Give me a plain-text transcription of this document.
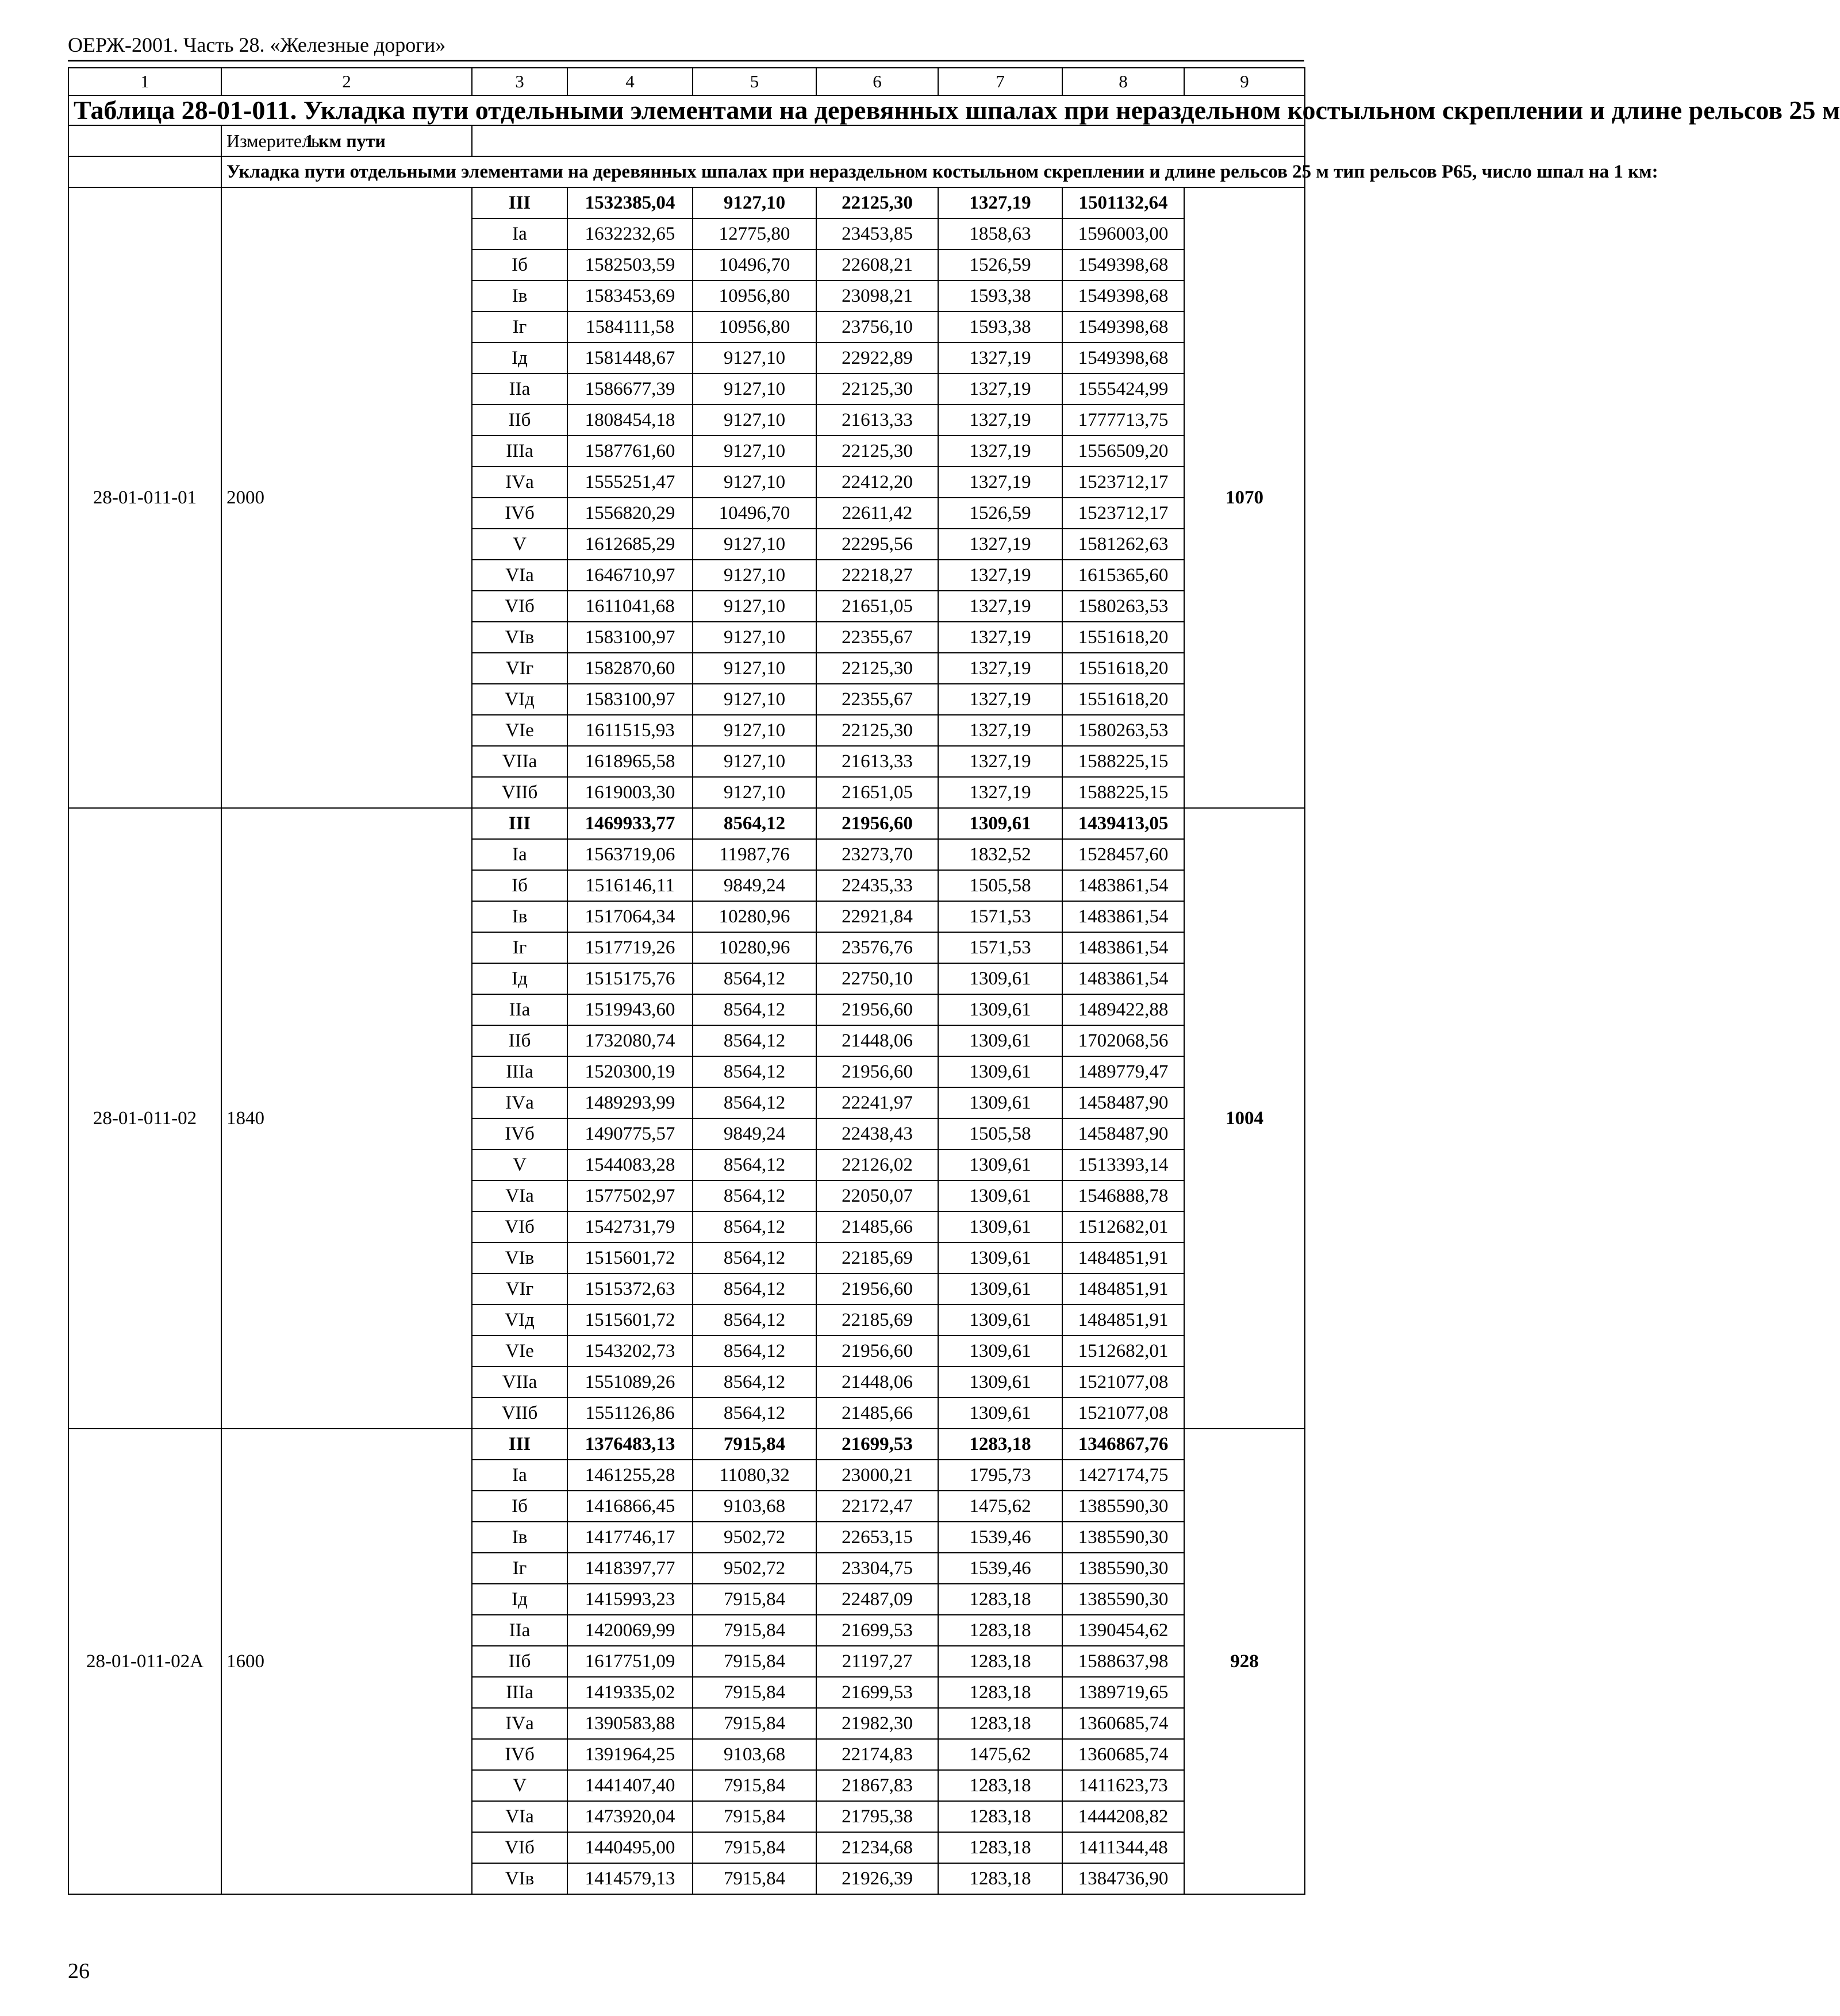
ОЕРЖ-2001. Часть 28. «Железные дороги»
1	2	3	4	5	6	7	8	9
Таблица 28-01-011. Укладка пути отдельными элементами на деревянных шпалах при нераздельном костыльном скреплении и длине рельсов 25 м								
	Измеритель:	1 км пути						
	Укладка пути отдельными элементами на деревянных шпалах при нераздельном костыльном скреплении и длине рельсов 25 м тип рельсов Р65, число шпал на 1 км:							
28-01-011-01	2000	III	1532385,04	9127,10	22125,30	1327,19	1501132,64	1070
		Iа	1632232,65	12775,80	23453,85	1858,63	1596003,00	
		Iб	1582503,59	10496,70	22608,21	1526,59	1549398,68	
		Iв	1583453,69	10956,80	23098,21	1593,38	1549398,68	
		Iг	1584111,58	10956,80	23756,10	1593,38	1549398,68	
		Iд	1581448,67	9127,10	22922,89	1327,19	1549398,68	
		IIа	1586677,39	9127,10	22125,30	1327,19	1555424,99	
		IIб	1808454,18	9127,10	21613,33	1327,19	1777713,75	
		IIIа	1587761,60	9127,10	22125,30	1327,19	1556509,20	
		IVа	1555251,47	9127,10	22412,20	1327,19	1523712,17	
		IVб	1556820,29	10496,70	22611,42	1526,59	1523712,17	
		V	1612685,29	9127,10	22295,56	1327,19	1581262,63	
		VIа	1646710,97	9127,10	22218,27	1327,19	1615365,60	
		VIб	1611041,68	9127,10	21651,05	1327,19	1580263,53	
		VIв	1583100,97	9127,10	22355,67	1327,19	1551618,20	
		VIг	1582870,60	9127,10	22125,30	1327,19	1551618,20	
		VIд	1583100,97	9127,10	22355,67	1327,19	1551618,20	
		VIе	1611515,93	9127,10	22125,30	1327,19	1580263,53	
		VIIа	1618965,58	9127,10	21613,33	1327,19	1588225,15	
		VIIб	1619003,30	9127,10	21651,05	1327,19	1588225,15	
28-01-011-02	1840	III	1469933,77	8564,12	21956,60	1309,61	1439413,05	1004
		Iа	1563719,06	11987,76	23273,70	1832,52	1528457,60	
		Iб	1516146,11	9849,24	22435,33	1505,58	1483861,54	
		Iв	1517064,34	10280,96	22921,84	1571,53	1483861,54	
		Iг	1517719,26	10280,96	23576,76	1571,53	1483861,54	
		Iд	1515175,76	8564,12	22750,10	1309,61	1483861,54	
		IIа	1519943,60	8564,12	21956,60	1309,61	1489422,88	
		IIб	1732080,74	8564,12	21448,06	1309,61	1702068,56	
		IIIа	1520300,19	8564,12	21956,60	1309,61	1489779,47	
		IVа	1489293,99	8564,12	22241,97	1309,61	1458487,90	
		IVб	1490775,57	9849,24	22438,43	1505,58	1458487,90	
		V	1544083,28	8564,12	22126,02	1309,61	1513393,14	
		VIа	1577502,97	8564,12	22050,07	1309,61	1546888,78	
		VIб	1542731,79	8564,12	21485,66	1309,61	1512682,01	
		VIв	1515601,72	8564,12	22185,69	1309,61	1484851,91	
		VIг	1515372,63	8564,12	21956,60	1309,61	1484851,91	
		VIд	1515601,72	8564,12	22185,69	1309,61	1484851,91	
		VIе	1543202,73	8564,12	21956,60	1309,61	1512682,01	
		VIIа	1551089,26	8564,12	21448,06	1309,61	1521077,08	
		VIIб	1551126,86	8564,12	21485,66	1309,61	1521077,08	
28-01-011-02А	1600	III	1376483,13	7915,84	21699,53	1283,18	1346867,76	928
		Iа	1461255,28	11080,32	23000,21	1795,73	1427174,75	
		Iб	1416866,45	9103,68	22172,47	1475,62	1385590,30	
		Iв	1417746,17	9502,72	22653,15	1539,46	1385590,30	
		Iг	1418397,77	9502,72	23304,75	1539,46	1385590,30	
		Iд	1415993,23	7915,84	22487,09	1283,18	1385590,30	
		IIа	1420069,99	7915,84	21699,53	1283,18	1390454,62	
		IIб	1617751,09	7915,84	21197,27	1283,18	1588637,98	
		IIIа	1419335,02	7915,84	21699,53	1283,18	1389719,65	
		IVа	1390583,88	7915,84	21982,30	1283,18	1360685,74	
		IVб	1391964,25	9103,68	22174,83	1475,62	1360685,74	
		V	1441407,40	7915,84	21867,83	1283,18	1411623,73	
		VIа	1473920,04	7915,84	21795,38	1283,18	1444208,82	
		VIб	1440495,00	7915,84	21234,68	1283,18	1411344,48	
		VIв	1414579,13	7915,84	21926,39	1283,18	1384736,90	
26
